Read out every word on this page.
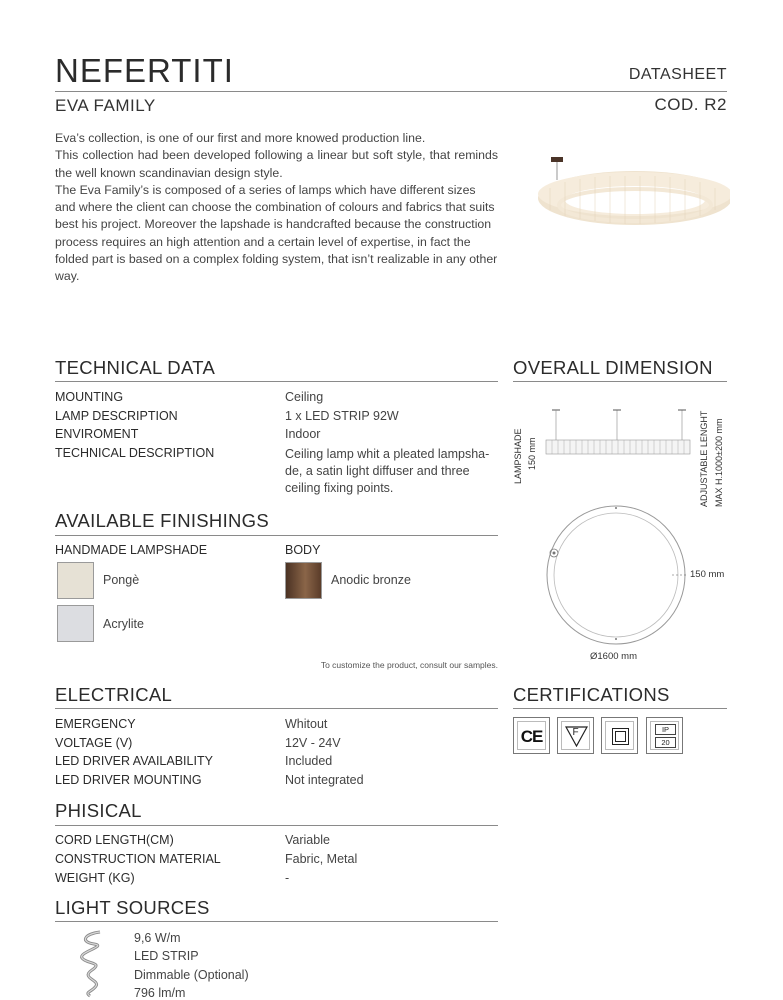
NEFERTITI	DATASHEET
EVA FAMILY	COD. R2

Eva’s collection, is one of our first and more knowed production line.

This collection had been developed following a linear but soft style, that reminds the well known scandinavian design style.

The Eva Family’s is composed of a series of lamps which have different sizes and where the client can choose the combination of colours and fabrics that suits best his project. Moreover the lapshade is handcrafted because the construction process requires an high attention and a certain level of expertise, in fact the folded part is based on a complex folding system, that isn’t realizable in any other way.

TECHNICAL DATA
MOUNTING	Ceiling
LAMP DESCRIPTION	1 x LED STRIP 92W
ENVIROMENT	Indoor
TECHNICAL DESCRIPTION	Ceiling lamp whit a pleated lampsha-de, a satin light diffuser and three ceiling fixing points.
AVAILABLE FINISHINGS
HANDMADE LAMPSHADE	BODY
Pongè
Acrylite
Anodic bronze
To customize the product, consult our samples.
OVERALL DIMENSION
LAMPSHADE 150 mm	ADJUSTABLE LENGHT MAX H.1000±200 mm
150 mm
Ø1600 mm
ELECTRICAL
EMERGENCY	Whitout
VOLTAGE (V)	12V - 24V
LED DRIVER AVAILABILITY	Included
LED DRIVER MOUNTING	Not integrated
CERTIFICATIONS
CE	F	IP
20
PHISICAL
CORD LENGTH(CM)	Variable
CONSTRUCTION MATERIAL	Fabric, Metal
WEIGHT (KG)	-
LIGHT SOURCES
9,6 W/m
LED STRIP
Dimmable (Optional)
796 lm/m
